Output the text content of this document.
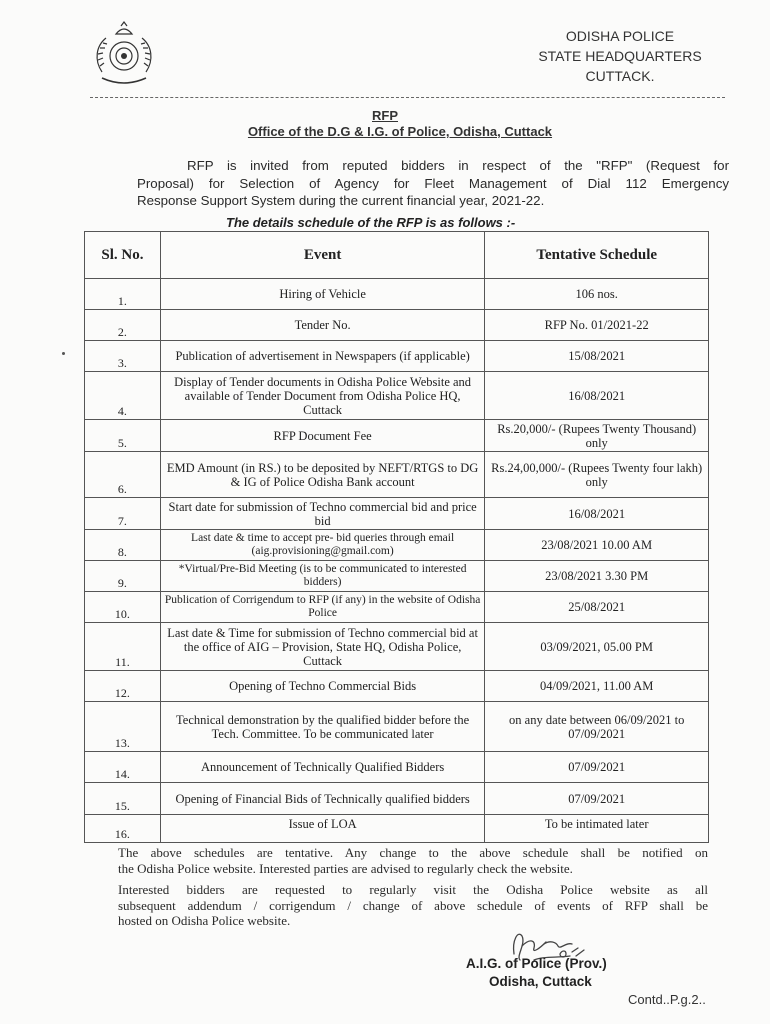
ODISHA POLICE
STATE HEADQUARTERS
CUTTACK.
RFP
Office of the D.G & I.G. of Police, Odisha, Cuttack
RFP is invited from reputed bidders in respect of the "RFP" (Request for
Proposal) for Selection of Agency for Fleet Management of Dial 112 Emergency
Response Support System during the current financial year, 2021-22.
The details schedule of the RFP is as follows :-
Sl. No.	Event	Tentative Schedule
1.	Hiring of Vehicle	106 nos.
2.	Tender No.	RFP No. 01/2021-22
3.	Publication of advertisement in Newspapers (if applicable)	15/08/2021
4.	Display of Tender documents in Odisha Police Website and available of Tender Document from Odisha Police HQ, Cuttack	16/08/2021
5.	RFP Document Fee	Rs.20,000/- (Rupees Twenty Thousand) only
6.	EMD Amount (in RS.) to be deposited by NEFT/RTGS to DG & IG of Police Odisha Bank account	Rs.24,00,000/- (Rupees Twenty four lakh) only
7.	Start date for submission of Techno commercial bid and price bid	16/08/2021
8.	Last date & time to accept pre- bid queries through email (aig.provisioning@gmail.com)	23/08/2021 10.00 AM
9.	*Virtual/Pre-Bid Meeting (is to be communicated to interested bidders)	23/08/2021 3.30 PM
10.	Publication of Corrigendum to RFP (if any) in the website of Odisha Police	25/08/2021
11.	Last date & Time for submission of Techno commercial bid at the office of AIG – Provision, State HQ, Odisha Police, Cuttack	03/09/2021, 05.00 PM
12.	Opening of Techno Commercial Bids	04/09/2021, 11.00 AM
13.	Technical demonstration by the qualified bidder before the Tech. Committee. To be communicated later	on any date between 06/09/2021 to 07/09/2021
14.	Announcement of Technically Qualified Bidders	07/09/2021
15.	Opening of Financial Bids of Technically qualified bidders	07/09/2021
16.	Issue of LOA	To be intimated later
The above schedules are tentative. Any change to the above schedule shall be notified on
the Odisha Police website. Interested parties are advised to regularly check the website.
Interested bidders are requested to regularly visit the Odisha Police website as all
subsequent addendum / corrigendum / change of above schedule of events of RFP shall be
hosted on Odisha Police website.
A.I.G. of Police (Prov.)
Odisha, Cuttack
Contd..P.g.2..
